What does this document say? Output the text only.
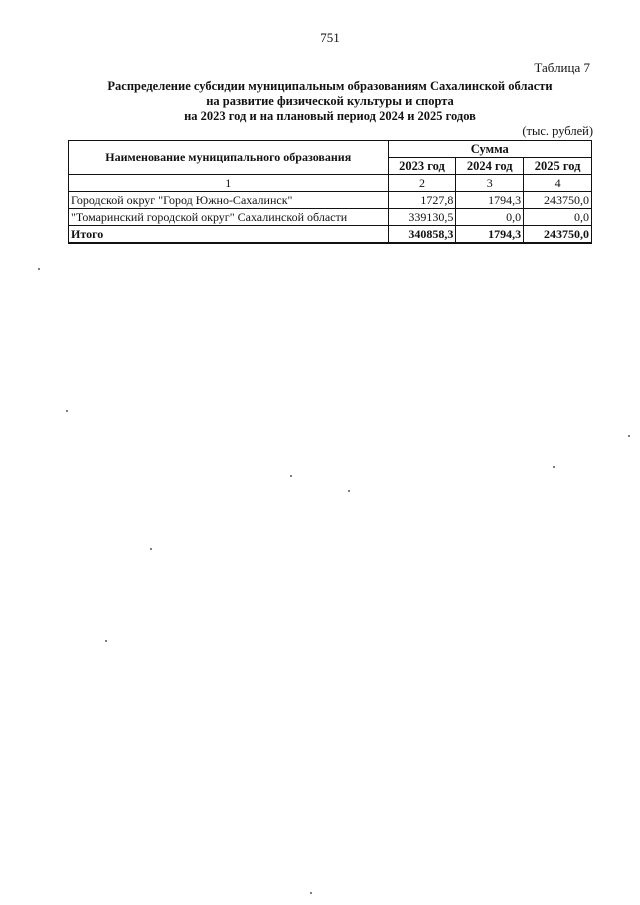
751
Таблица 7
Распределение субсидии муниципальным образованиям Сахалинской области
на развитие физической культуры и спорта
на 2023 год и на плановый период 2024 и 2025 годов
(тыс. рублей)
Наименование муниципального образования	Сумма		
	2023 год	2024 год	2025 год
1	2	3	4
Городской округ "Город Южно-Сахалинск"	1727,8	1794,3	243750,0
"Томаринский городской округ" Сахалинской области	339130,5	0,0	0,0
Итого	340858,3	1794,3	243750,0
